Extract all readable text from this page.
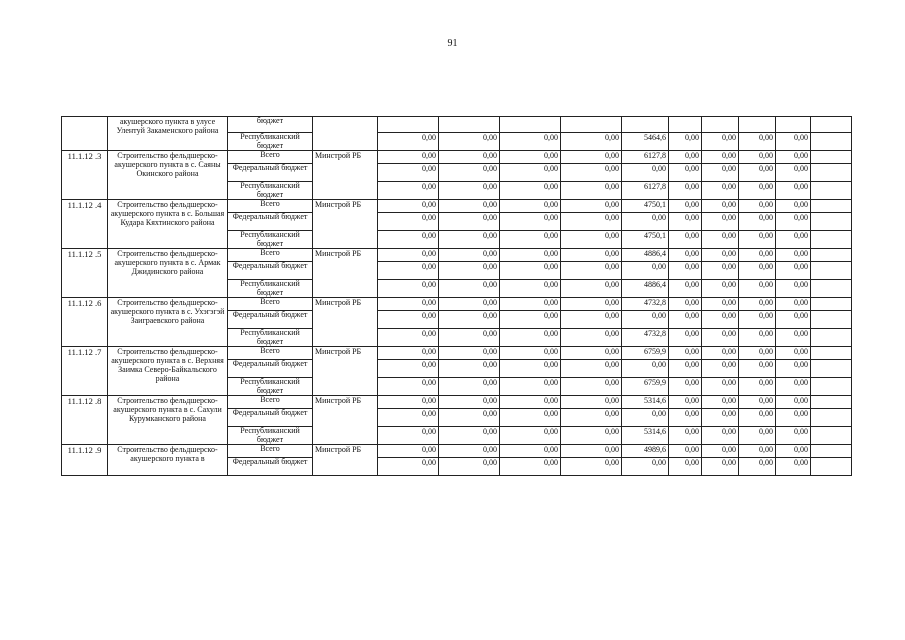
91
	акушерского пункта в улусе Улентуй Закаменского района	бюджет											
		Республиканский бюджет		0,00	0,00	0,00	0,00	5464,6	0,00	0,00	0,00	0,00	
11.1.12 .3	Строительство фельдшерско-акушерского пункта в с. Саяны Окинского района	Всего	Минстрой РБ	0,00	0,00	0,00	0,00	6127,8	0,00	0,00	0,00	0,00	
		Федеральный бюджет		0,00	0,00	0,00	0,00	0,00	0,00	0,00	0,00	0,00	
		Республиканский бюджет		0,00	0,00	0,00	0,00	6127,8	0,00	0,00	0,00	0,00	
11.1.12 .4	Строительство фельдшерско-акушерского пункта в с. Большая Кудара Кяхтинского района	Всего	Минстрой РБ	0,00	0,00	0,00	0,00	4750,1	0,00	0,00	0,00	0,00	
		Федеральный бюджет		0,00	0,00	0,00	0,00	0,00	0,00	0,00	0,00	0,00	
		Республиканский бюджет		0,00	0,00	0,00	0,00	4750,1	0,00	0,00	0,00	0,00	
11.1.12 .5	Строительство фельдшерско-акушерского пункта в с. Армак Джидинского района	Всего	Минстрой РБ	0,00	0,00	0,00	0,00	4886,4	0,00	0,00	0,00	0,00	
		Федеральный бюджет		0,00	0,00	0,00	0,00	0,00	0,00	0,00	0,00	0,00	
		Республиканский бюджет		0,00	0,00	0,00	0,00	4886,4	0,00	0,00	0,00	0,00	
11.1.12 .6	Строительство фельдшерско-акушерского пункта в с. Ухэгэгэй Заиграевского района	Всего	Минстрой РБ	0,00	0,00	0,00	0,00	4732,8	0,00	0,00	0,00	0,00	
		Федеральный бюджет		0,00	0,00	0,00	0,00	0,00	0,00	0,00	0,00	0,00	
		Республиканский бюджет		0,00	0,00	0,00	0,00	4732,8	0,00	0,00	0,00	0,00	
11.1.12 .7	Строительство фельдшерско-акушерского пункта в с. Верхняя Заимка Северо-Байкальского района	Всего	Минстрой РБ	0,00	0,00	0,00	0,00	6759,9	0,00	0,00	0,00	0,00	
		Федеральный бюджет		0,00	0,00	0,00	0,00	0,00	0,00	0,00	0,00	0,00	
		Республиканский бюджет		0,00	0,00	0,00	0,00	6759,9	0,00	0,00	0,00	0,00	
11.1.12 .8	Строительство фельдшерско-акушерского пункта в с. Сахули Курумканского района	Всего	Минстрой РБ	0,00	0,00	0,00	0,00	5314,6	0,00	0,00	0,00	0,00	
		Федеральный бюджет		0,00	0,00	0,00	0,00	0,00	0,00	0,00	0,00	0,00	
		Республиканский бюджет		0,00	0,00	0,00	0,00	5314,6	0,00	0,00	0,00	0,00	
11.1.12 .9	Строительство фельдшерско-акушерского пункта в	Всего	Минстрой РБ	0,00	0,00	0,00	0,00	4989,6	0,00	0,00	0,00	0,00	
		Федеральный бюджет		0,00	0,00	0,00	0,00	0,00	0,00	0,00	0,00	0,00	
